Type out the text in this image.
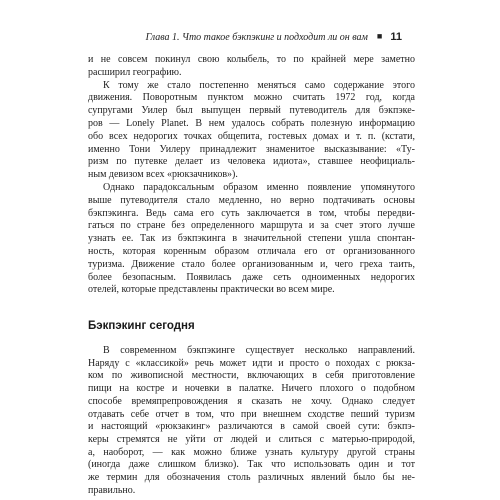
Глава 1. Что такое бэкпэкинг и подходит ли он вам ■ 11
и не совсем покинул свою колыбель, то по крайней мере заметно
расширил географию.
К тому же стало постепенно меняться само содержание этого
движения. Поворотным пунктом можно считать 1972 год, когда
супругами Уилер был выпущен первый путеводитель для бэкпэке-
ров — Lonely Planet. В нем удалось собрать полезную информацию
обо всех недорогих точках общепита, гостевых домах и т. п. (кстати,
именно Тони Уилеру принадлежит знаменитое высказывание: «Ту-
ризм по путевке делает из человека идиота», ставшее неофициаль-
ным девизом всех «рюкзачников»).
Однако парадоксальным образом именно появление упомянутого
выше путеводителя стало медленно, но верно подтачивать основы
бэкпэкинга. Ведь сама его суть заключается в том, чтобы передви-
гаться по стране без определенного маршрута и за счет этого лучше
узнать ее. Так из бэкпэкинга в значительной степени ушла спонтан-
ность, которая коренным образом отличала его от организованного
туризма. Движение стало более организованным и, чего греха таить,
более безопасным. Появилась даже сеть одноименных недорогих
отелей, которые представлены практически во всем мире.
Бэкпэкинг сегодня
В современном бэкпэкинге существует несколько направлений.
Наряду с «классикой» речь может идти и просто о походах с рюкза-
ком по живописной местности, включающих в себя приготовление
пищи на костре и ночевки в палатке. Ничего плохого о подобном
способе времяпрепровождения я сказать не хочу. Однако следует
отдавать себе отчет в том, что при внешнем сходстве пеший туризм
и настоящий «рюкзакинг» различаются в самой своей сути: бэкпэ-
керы стремятся не уйти от людей и слиться с матерью-природой,
а, наоборот, — как можно ближе узнать культуру другой страны
(иногда даже слишком близко). Так что использовать один и тот
же термин для обозначения столь различных явлений было бы не-
правильно.
